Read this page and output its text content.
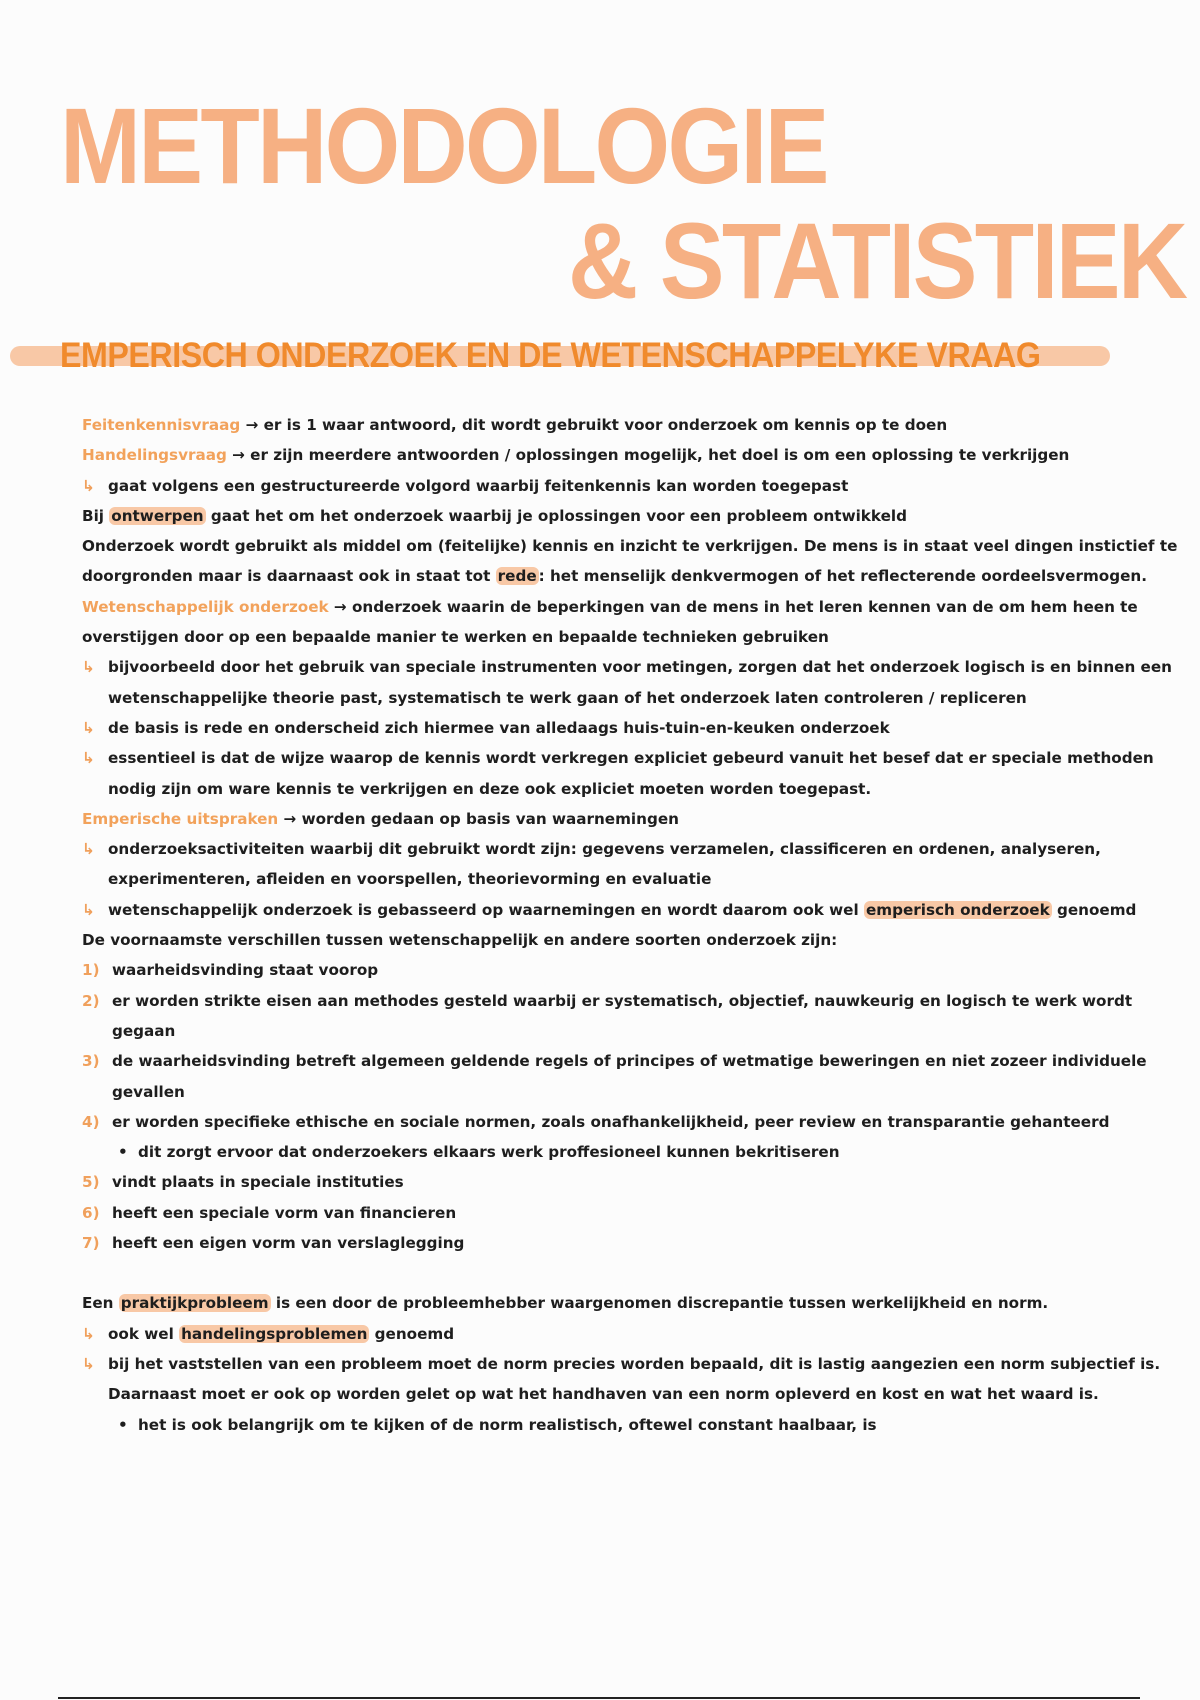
METHODOLOGIE
& STATISTIEK
EMPERISCH ONDERZOEK EN DE WETENSCHAPPELYKE VRAAG

Feitenkennisvraag → er is 1 waar antwoord, dit wordt gebruikt voor onderzoek om kennis op te doen

Handelingsvraag → er zijn meerdere antwoorden / oplossingen mogelijk, het doel is om een oplossing te verkrijgen

↳ gaat volgens een gestructureerde volgord waarbij feitenkennis kan worden toegepast

Bij ontwerpen gaat het om het onderzoek waarbij je oplossingen voor een probleem ontwikkeld

Onderzoek wordt gebruikt als middel om (feitelijke) kennis en inzicht te verkrijgen. De mens is in staat veel dingen instictief te doorgronden maar is daarnaast ook in staat tot rede : het menselijk denkvermogen of het reflecterende oordeelsvermogen.

Wetenschappelijk onderzoek → onderzoek waarin de beperkingen van de mens in het leren kennen van de om hem heen te overstijgen door op een bepaalde manier te werken en bepaalde technieken gebruiken

↳ bijvoorbeeld door het gebruik van speciale instrumenten voor metingen, zorgen dat het onderzoek logisch is en binnen een wetenschappelijke theorie past, systematisch te werk gaan of het onderzoek laten controleren / repliceren

↳ de basis is rede en onderscheid zich hiermee van alledaags huis-tuin-en-keuken onderzoek

↳ essentieel is dat de wijze waarop de kennis wordt verkregen expliciet gebeurd vanuit het besef dat er speciale methoden nodig zijn om ware kennis te verkrijgen en deze ook expliciet moeten worden toegepast.

Emperische uitspraken → worden gedaan op basis van waarnemingen

↳ onderzoeksactiviteiten waarbij dit gebruikt wordt zijn: gegevens verzamelen, classificeren en ordenen, analyseren, experimenteren, afleiden en voorspellen, theorievorming en evaluatie

↳ wetenschappelijk onderzoek is gebasseerd op waarnemingen en wordt daarom ook wel emperisch onderzoek genoemd

De voornaamste verschillen tussen wetenschappelijk en andere soorten onderzoek zijn:

1) waarheidsvinding staat voorop

2) er worden strikte eisen aan methodes gesteld waarbij er systematisch, objectief, nauwkeurig en logisch te werk wordt gegaan

3) de waarheidsvinding betreft algemeen geldende regels of principes of wetmatige beweringen en niet zozeer individuele gevallen

4) er worden specifieke ethische en sociale normen, zoals onafhankelijkheid, peer review en transparantie gehanteerd

• dit zorgt ervoor dat onderzoekers elkaars werk proffesioneel kunnen bekritiseren

5) vindt plaats in speciale instituties

6) heeft een speciale vorm van financieren

7) heeft een eigen vorm van verslaglegging

Een praktijkprobleem is een door de probleemhebber waargenomen discrepantie tussen werkelijkheid en norm.

↳ ook wel handelingsproblemen genoemd

↳ bij het vaststellen van een probleem moet de norm precies worden bepaald, dit is lastig aangezien een norm subjectief is. Daarnaast moet er ook op worden gelet op wat het handhaven van een norm opleverd en kost en wat het waard is.

• het is ook belangrijk om te kijken of de norm realistisch, oftewel constant haalbaar, is
